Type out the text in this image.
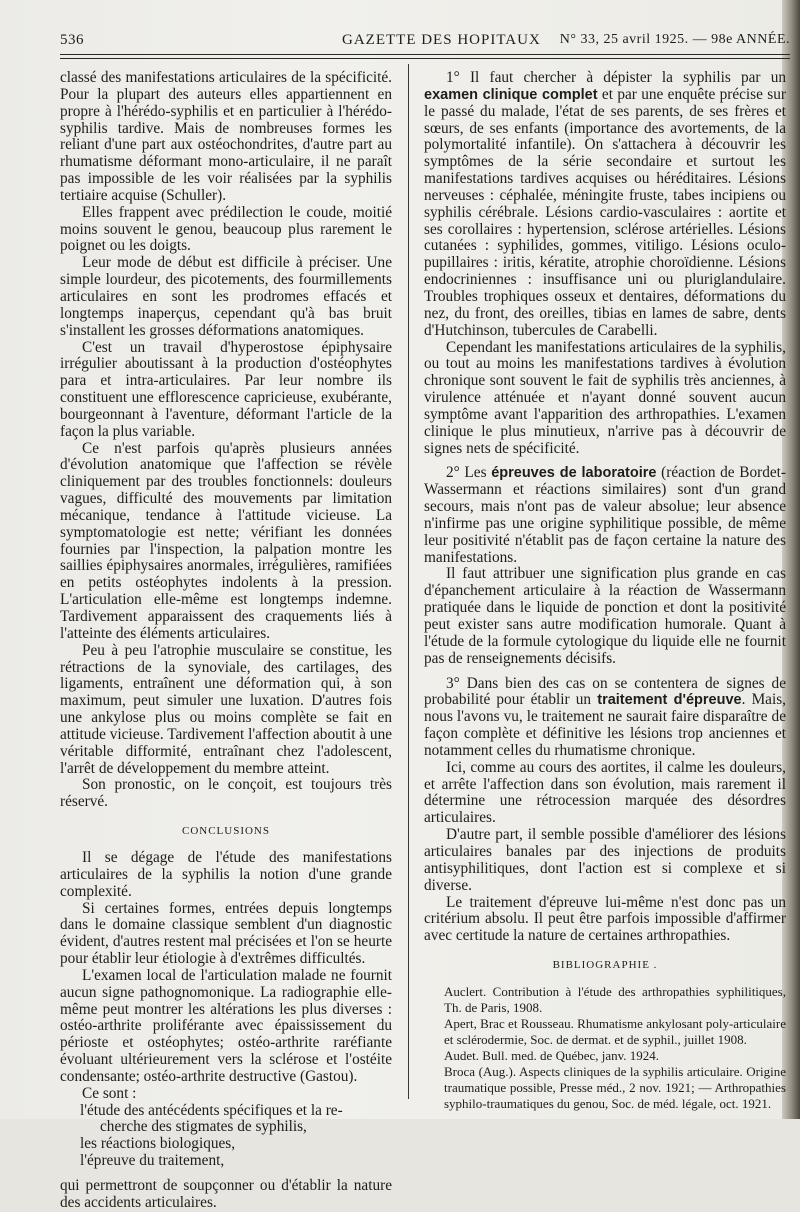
536	GAZETTE DES HOPITAUX N° 33, 25 avril 1925. — 98e ANNÉE.

classé des manifestations articulaires de la spécificité. Pour la plupart des auteurs elles appartiennent en propre à l'hérédo-syphilis et en particulier à l'hérédo-syphilis tardive. Mais de nombreuses formes les reliant d'une part aux ostéochondrites, d'autre part au rhumatisme déformant mono-articulaire, il ne paraît pas impossible de les voir réalisées par la syphilis tertiaire acquise (Schuller).

Elles frappent avec prédilection le coude, moitié moins souvent le genou, beaucoup plus rarement le poignet ou les doigts.

Leur mode de début est difficile à préciser. Une simple lourdeur, des picotements, des fourmillements articulaires en sont les prodromes effacés et longtemps inaperçus, cependant qu'à bas bruit s'installent les grosses déformations anatomiques.

C'est un travail d'hyperostose épiphysaire irrégulier aboutissant à la production d'ostéophytes para et intra-articulaires. Par leur nombre ils constituent une efflorescence capricieuse, exubérante, bourgeonnant à l'aventure, déformant l'article de la façon la plus variable.

Ce n'est parfois qu'après plusieurs années d'évolution anatomique que l'affection se révèle cliniquement par des troubles fonctionnels: douleurs vagues, difficulté des mouvements par limitation mécanique, tendance à l'attitude vicieuse. La symptomatologie est nette; vérifiant les données fournies par l'inspection, la palpation montre les saillies épiphysaires anormales, irrégulières, ramifiées en petits ostéophytes indolents à la pression. L'articulation elle-même est longtemps indemne. Tardivement apparaissent des craquements liés à l'atteinte des éléments articulaires.

Peu à peu l'atrophie musculaire se constitue, les rétractions de la synoviale, des cartilages, des ligaments, entraînent une déformation qui, à son maximum, peut simuler une luxation. D'autres fois une ankylose plus ou moins complète se fait en attitude vicieuse. Tardivement l'affection aboutit à une véritable difformité, entraînant chez l'adolescent, l'arrêt de développement du membre atteint.

Son pronostic, on le conçoit, est toujours très réservé.

CONCLUSIONS

Il se dégage de l'étude des manifestations articulaires de la syphilis la notion d'une grande complexité.

Si certaines formes, entrées depuis longtemps dans le domaine classique semblent d'un diagnostic évident, d'autres restent mal précisées et l'on se heurte pour établir leur étiologie à d'extrêmes difficultés.

L'examen local de l'articulation malade ne fournit aucun signe pathognomonique. La radiographie elle-même peut montrer les altérations les plus diverses : ostéo-arthrite proliférante avec épaississement du périoste et ostéophytes; ostéo-arthrite raréfiante évoluant ultérieurement vers la sclérose et l'ostéite condensante; ostéo-arthrite destructive (Gastou).

Ce sont :

l'étude des antécédents spécifiques et la re-
cherche des stigmates de syphilis,
les réactions biologiques,
l'épreuve du traitement,

qui permettront de soupçonner ou d'établir la nature des accidents articulaires.

1° Il faut chercher à dépister la syphilis par un examen clinique complet et par une enquête précise sur le passé du malade, l'état de ses parents, de ses frères et sœurs, de ses enfants (importance des avortements, de la polymortalité infantile). On s'attachera à découvrir les symptômes de la série secondaire et surtout les manifestations tardives acquises ou héréditaires. Lésions nerveuses : céphalée, méningite fruste, tabes incipiens ou syphilis cérébrale. Lésions cardio-vasculaires : aortite et ses corollaires : hypertension, sclérose artérielles. Lésions cutanées : syphilides, gommes, vitiligo. Lésions oculo-pupillaires : iritis, kératite, atrophie choroïdienne. Lésions endocriniennes : insuffisance uni ou pluriglandulaire. Troubles trophiques osseux et dentaires, déformations du nez, du front, des oreilles, tibias en lames de sabre, dents d'Hutchinson, tubercules de Carabelli.

Cependant les manifestations articulaires de la syphilis, ou tout au moins les manifestations tardives à évolution chronique sont souvent le fait de syphilis très anciennes, à virulence atténuée et n'ayant donné souvent aucun symptôme avant l'apparition des arthropathies. L'examen clinique le plus minutieux, n'arrive pas à découvrir de signes nets de spécificité.

2° Les épreuves de laboratoire (réaction de Bordet-Wassermann et réactions similaires) sont d'un grand secours, mais n'ont pas de valeur absolue; leur absence n'infirme pas une origine syphilitique possible, de même leur positivité n'établit pas de façon certaine la nature des manifestations.

Il faut attribuer une signification plus grande en cas d'épanchement articulaire à la réaction de Wassermann pratiquée dans le liquide de ponction et dont la positivité peut exister sans autre modification humorale. Quant à l'étude de la formule cytologique du liquide elle ne fournit pas de renseignements décisifs.

3° Dans bien des cas on se contentera de signes de probabilité pour établir un traitement d'épreuve. Mais, nous l'avons vu, le traitement ne saurait faire disparaître de façon complète et définitive les lésions trop anciennes et notamment celles du rhumatisme chronique.

Ici, comme au cours des aortites, il calme les douleurs, et arrête l'affection dans son évolution, mais rarement il détermine une rétrocession marquée des désordres articulaires.

D'autre part, il semble possible d'améliorer des lésions articulaires banales par des injections de produits antisyphilitiques, dont l'action est si complexe et si diverse.

Le traitement d'épreuve lui-même n'est donc pas un critérium absolu. Il peut être parfois impossible d'affirmer avec certitude la nature de certaines arthropathies.

BIBLIOGRAPHIE .

Auclert. Contribution à l'étude des arthropathies syphilitiques, Th. de Paris, 1908.

Apert, Brac et Rousseau. Rhumatisme ankylosant poly-articulaire et sclérodermie, Soc. de dermat. et de syphil., juillet 1908.

Audet. Bull. med. de Québec, janv. 1924.

Broca (Aug.). Aspects cliniques de la syphilis articulaire. Origine traumatique possible, Presse méd., 2 nov. 1921; — Arthropathies syphilo-traumatiques du genou, Soc. de méd. légale, oct. 1921.
